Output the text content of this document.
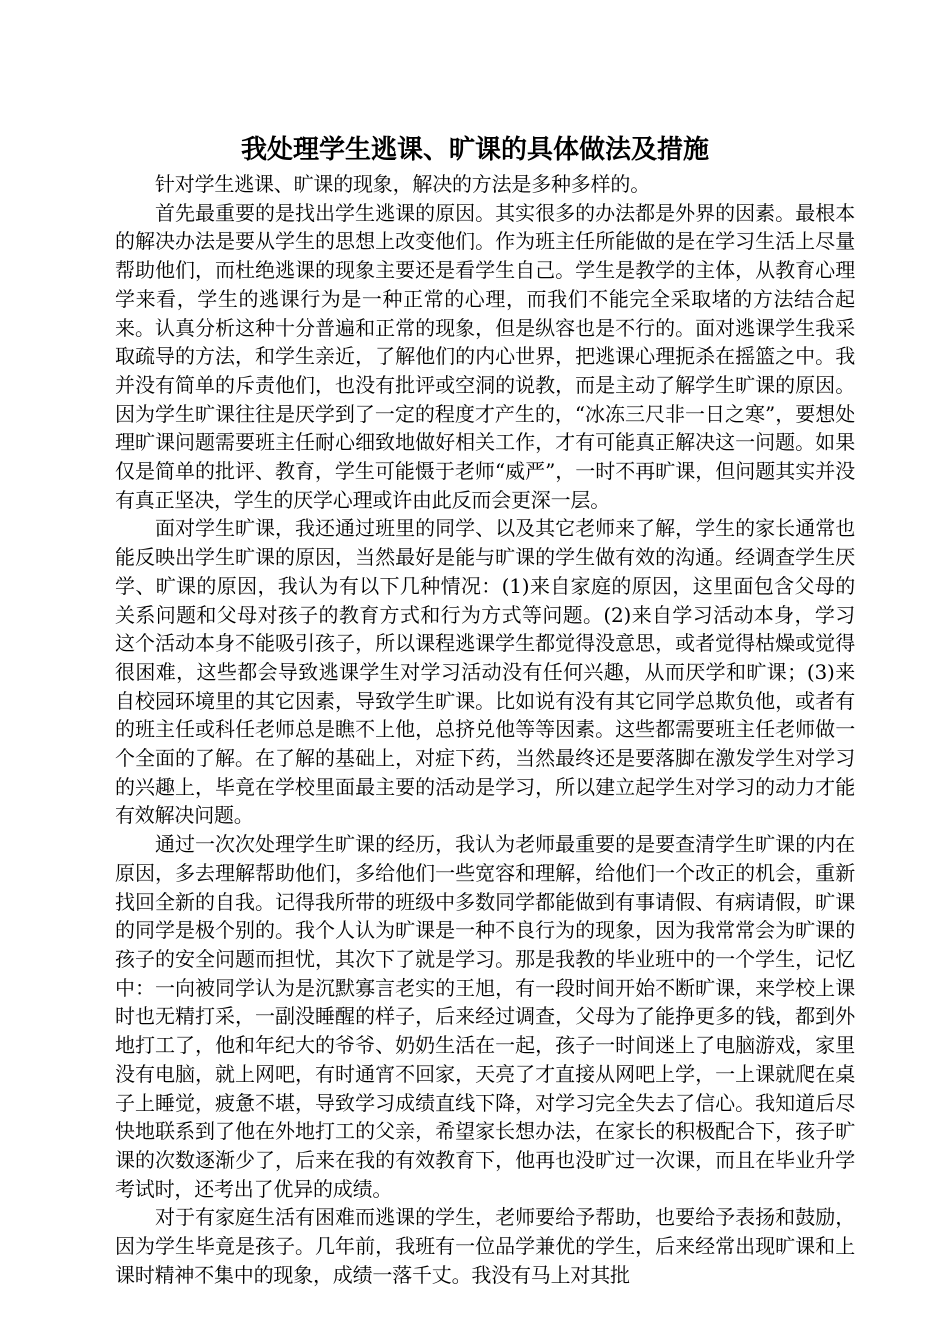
我处理学生逃课、旷课的具体做法及措施

针对学生逃课、旷课的现象，解决的方法是多种多样的。

首先最重要的是找出学生逃课的原因。其实很多的办法都是外界的因素。最根本的解决办法是要从学生的思想上改变他们。作为班主任所能做的是在学习生活上尽量帮助他们，而杜绝逃课的现象主要还是看学生自己。学生是教学的主体，从教育心理学来看，学生的逃课行为是一种正常的心理，而我们不能完全采取堵的方法结合起来。认真分析这种十分普遍和正常的现象，但是纵容也是不行的。面对逃课学生我采取疏导的方法，和学生亲近，了解他们的内心世界，把逃课心理扼杀在摇篮之中。我并没有简单的斥责他们，也没有批评或空洞的说教，而是主动了解学生旷课的原因。因为学生旷课往往是厌学到了一定的程度才产生的，“冰冻三尺非一日之寒”，要想处理旷课问题需要班主任耐心细致地做好相关工作，才有可能真正解决这一问题。如果仅是简单的批评、教育，学生可能慑于老师“威严”，一时不再旷课，但问题其实并没有真正坚决，学生的厌学心理或许由此反而会更深一层。

面对学生旷课，我还通过班里的同学、以及其它老师来了解，学生的家长通常也能反映出学生旷课的原因，当然最好是能与旷课的学生做有效的沟通。经调查学生厌学、旷课的原因，我认为有以下几种情况：(1)来自家庭的原因，这里面包含父母的关系问题和父母对孩子的教育方式和行为方式等问题。(2)来自学习活动本身，学习这个活动本身不能吸引孩子，所以课程逃课学生都觉得没意思，或者觉得枯燥或觉得很困难，这些都会导致逃课学生对学习活动没有任何兴趣，从而厌学和旷课；(3)来自校园环境里的其它因素，导致学生旷课。比如说有没有其它同学总欺负他，或者有的班主任或科任老师总是瞧不上他，总挤兑他等等因素。这些都需要班主任老师做一个全面的了解。在了解的基础上，对症下药，当然最终还是要落脚在激发学生对学习的兴趣上，毕竟在学校里面最主要的活动是学习，所以建立起学生对学习的动力才能有效解决问题。

通过一次次处理学生旷课的经历，我认为老师最重要的是要查清学生旷课的内在原因，多去理解帮助他们，多给他们一些宽容和理解，给他们一个改正的机会，重新找回全新的自我。记得我所带的班级中多数同学都能做到有事请假、有病请假，旷课的同学是极个别的。我个人认为旷课是一种不良行为的现象，因为我常常会为旷课的孩子的安全问题而担忧，其次下了就是学习。那是我教的毕业班中的一个学生，记忆中：一向被同学认为是沉默寡言老实的王旭，有一段时间开始不断旷课，来学校上课时也无精打采，一副没睡醒的样子，后来经过调查，父母为了能挣更多的钱，都到外地打工了，他和年纪大的爷爷、奶奶生活在一起，孩子一时间迷上了电脑游戏，家里没有电脑，就上网吧，有时通宵不回家，天亮了才直接从网吧上学，一上课就爬在桌子上睡觉，疲惫不堪，导致学习成绩直线下降，对学习完全失去了信心。我知道后尽快地联系到了他在外地打工的父亲，希望家长想办法，在家长的积极配合下，孩子旷课的次数逐渐少了，后来在我的有效教育下，他再也没旷过一次课，而且在毕业升学考试时，还考出了优异的成绩。

对于有家庭生活有困难而逃课的学生，老师要给予帮助，也要给予表扬和鼓励，因为学生毕竟是孩子。几年前，我班有一位品学兼优的学生，后来经常出现旷课和上课时精神不集中的现象，成绩一落千丈。我没有马上对其批
